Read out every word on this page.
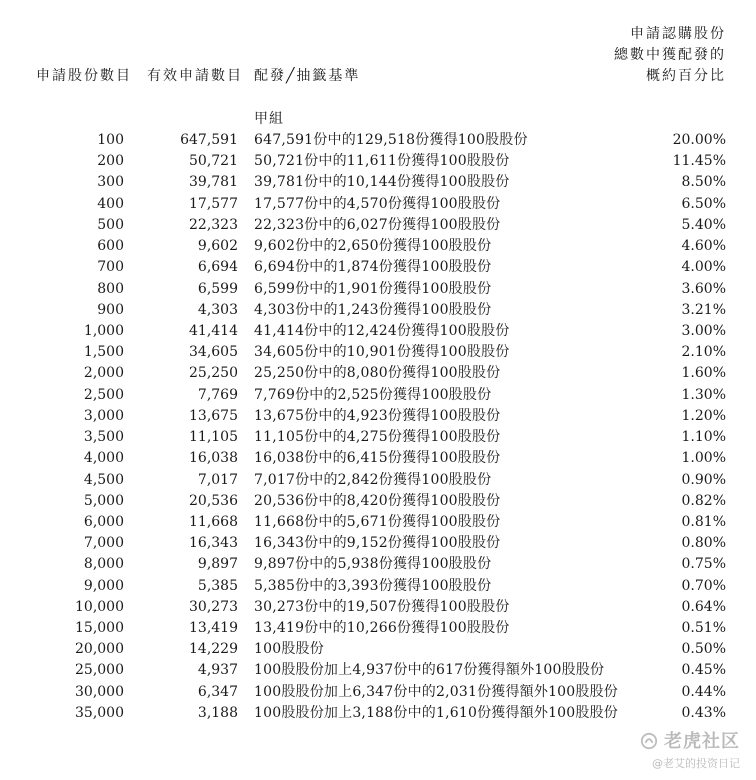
申請股份數目 有效申請數目 配發╱抽籤基準
申請認購股份
總數中獲配發的
概約百分比
甲組
100	647,591 647,591份中的129,518份獲得100股股份	20.00%
200	50,721 50,721份中的11,611份獲得100股股份	11.45%
300	39,781 39,781份中的10,144份獲得100股股份	8.50%
400	17,577 17,577份中的4,570份獲得100股股份	6.50%
500	22,323 22,323份中的6,027份獲得100股股份	5.40%
600	9,602 9,602份中的2,650份獲得100股股份	4.60%
700	6,694 6,694份中的1,874份獲得100股股份	4.00%
800	6,599 6,599份中的1,901份獲得100股股份	3.60%
900	4,303 4,303份中的1,243份獲得100股股份	3.21%
1,000	41,414 41,414份中的12,424份獲得100股股份	3.00%
1,500	34,605 34,605份中的10,901份獲得100股股份	2.10%
2,000	25,250 25,250份中的8,080份獲得100股股份	1.60%
2,500	7,769 7,769份中的2,525份獲得100股股份	1.30%
3,000	13,675 13,675份中的4,923份獲得100股股份	1.20%
3,500	11,105 11,105份中的4,275份獲得100股股份	1.10%
4,000	16,038 16,038份中的6,415份獲得100股股份	1.00%
4,500	7,017 7,017份中的2,842份獲得100股股份	0.90%
5,000	20,536 20,536份中的8,420份獲得100股股份	0.82%
6,000	11,668 11,668份中的5,671份獲得100股股份	0.81%
7,000	16,343 16,343份中的9,152份獲得100股股份	0.80%
8,000	9,897 9,897份中的5,938份獲得100股股份	0.75%
9,000	5,385 5,385份中的3,393份獲得100股股份	0.70%
10,000	30,273 30,273份中的19,507份獲得100股股份	0.64%
15,000	13,419 13,419份中的10,266份獲得100股股份	0.51%
20,000	14,229 100股股份	0.50%
25,000	4,937 100股股份加上4,937份中的617份獲得額外100股股份	0.45%
30,000	6,347 100股股份加上6,347份中的2,031份獲得額外100股股份	0.44%
35,000	3,188 100股股份加上3,188份中的1,610份獲得額外100股股份	0.43%
老虎社区
@老艾的投资日记
